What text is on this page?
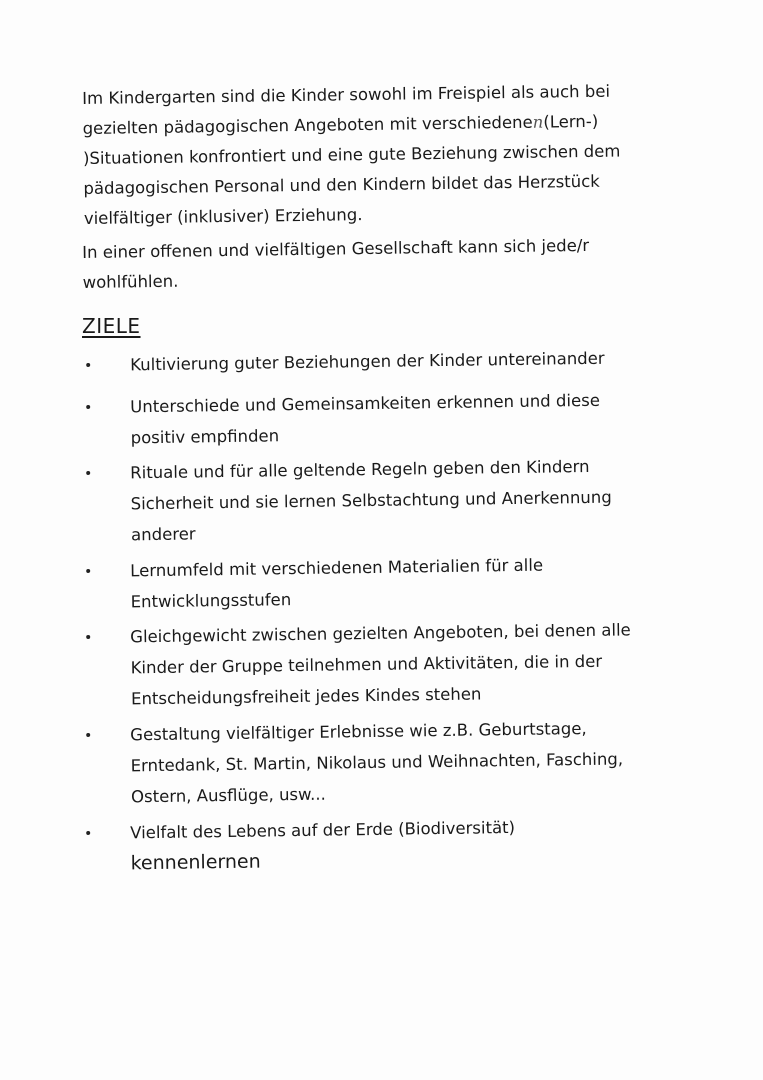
Im Kindergarten sind die Kinder sowohl im Freispiel als auch bei
gezielten pädagogischen Angeboten mit verschiedenen(Lern-)
)Situationen konfrontiert und eine gute Beziehung zwischen dem
pädagogischen Personal und den Kindern bildet das Herzstück
vielfältiger (inklusiver) Erziehung.
In einer offenen und vielfältigen Gesellschaft kann sich jede/r
wohlfühlen.
ZIELE
Kultivierung guter Beziehungen der Kinder untereinander
Unterschiede und Gemeinsamkeiten erkennen und diese
positiv empfinden
Rituale und für alle geltende Regeln geben den Kindern
Sicherheit und sie lernen Selbstachtung und Anerkennung
anderer
Lernumfeld mit verschiedenen Materialien für alle
Entwicklungsstufen
Gleichgewicht zwischen gezielten Angeboten, bei denen alle
Kinder der Gruppe teilnehmen und Aktivitäten, die in der
Entscheidungsfreiheit jedes Kindes stehen
Gestaltung vielfältiger Erlebnisse wie z.B. Geburtstage,
Erntedank, St. Martin, Nikolaus und Weihnachten, Fasching,
Ostern, Ausflüge, usw...
Vielfalt des Lebens auf der Erde (Biodiversität)
kennenlernen
